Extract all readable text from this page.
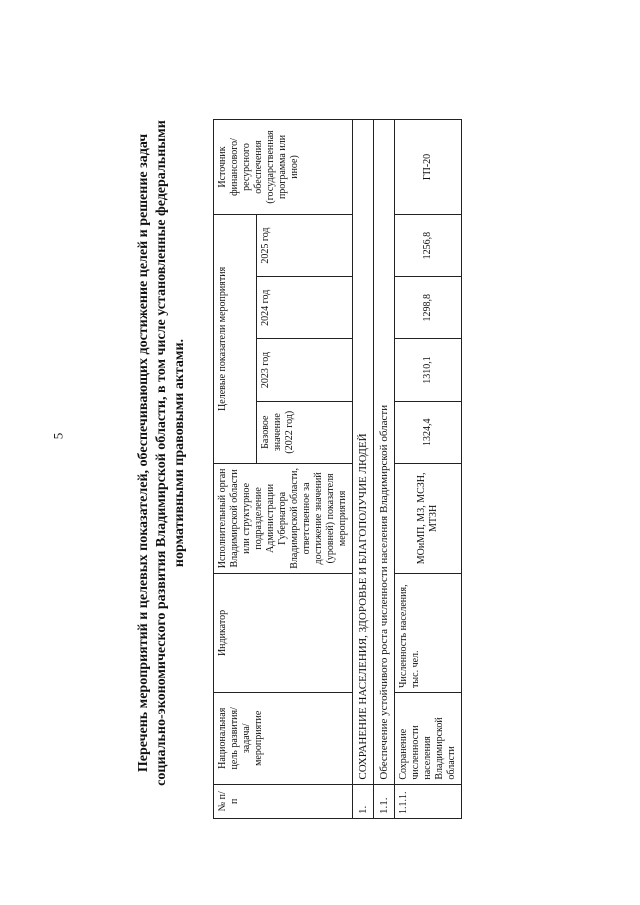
5	Перечень мероприятий и целевых показателей, обеспечивающих достижение целей и решение задач социально-экономического развития Владимирской области, в том числе установленные федеральными нормативными правовыми актами.

№ п/п	Национальная цель развития/ задача/ мероприятие	Индикатор	Исполнительный орган Владимирской области или структурное подразделение Администрации Губернатора Владимирской области, ответственное за достижение значений (уровней) показателя мероприятия	Целевые показатели мероприятия				Источник финансового/ресурсного обеспечения (государственная программа или иное)
				Базовое значение (2022 год)	2023 год	2024 год	2025 год	
1.	СОХРАНЕНИЕ НАСЕЛЕНИЯ, ЗДОРОВЬЕ И БЛАГОПОЛУЧИЕ ЛЮДЕЙ							
1.1.	Обеспечение устойчивого роста численности населения Владимирской области							
1.1.1.	Сохранение численности населения Владимирской области	Численность населения, тыс. чел.	МОиМП, МЗ, МСЗН, МТЗН	1324,4	1310,1	1298,8	1256,8	ГП-20
